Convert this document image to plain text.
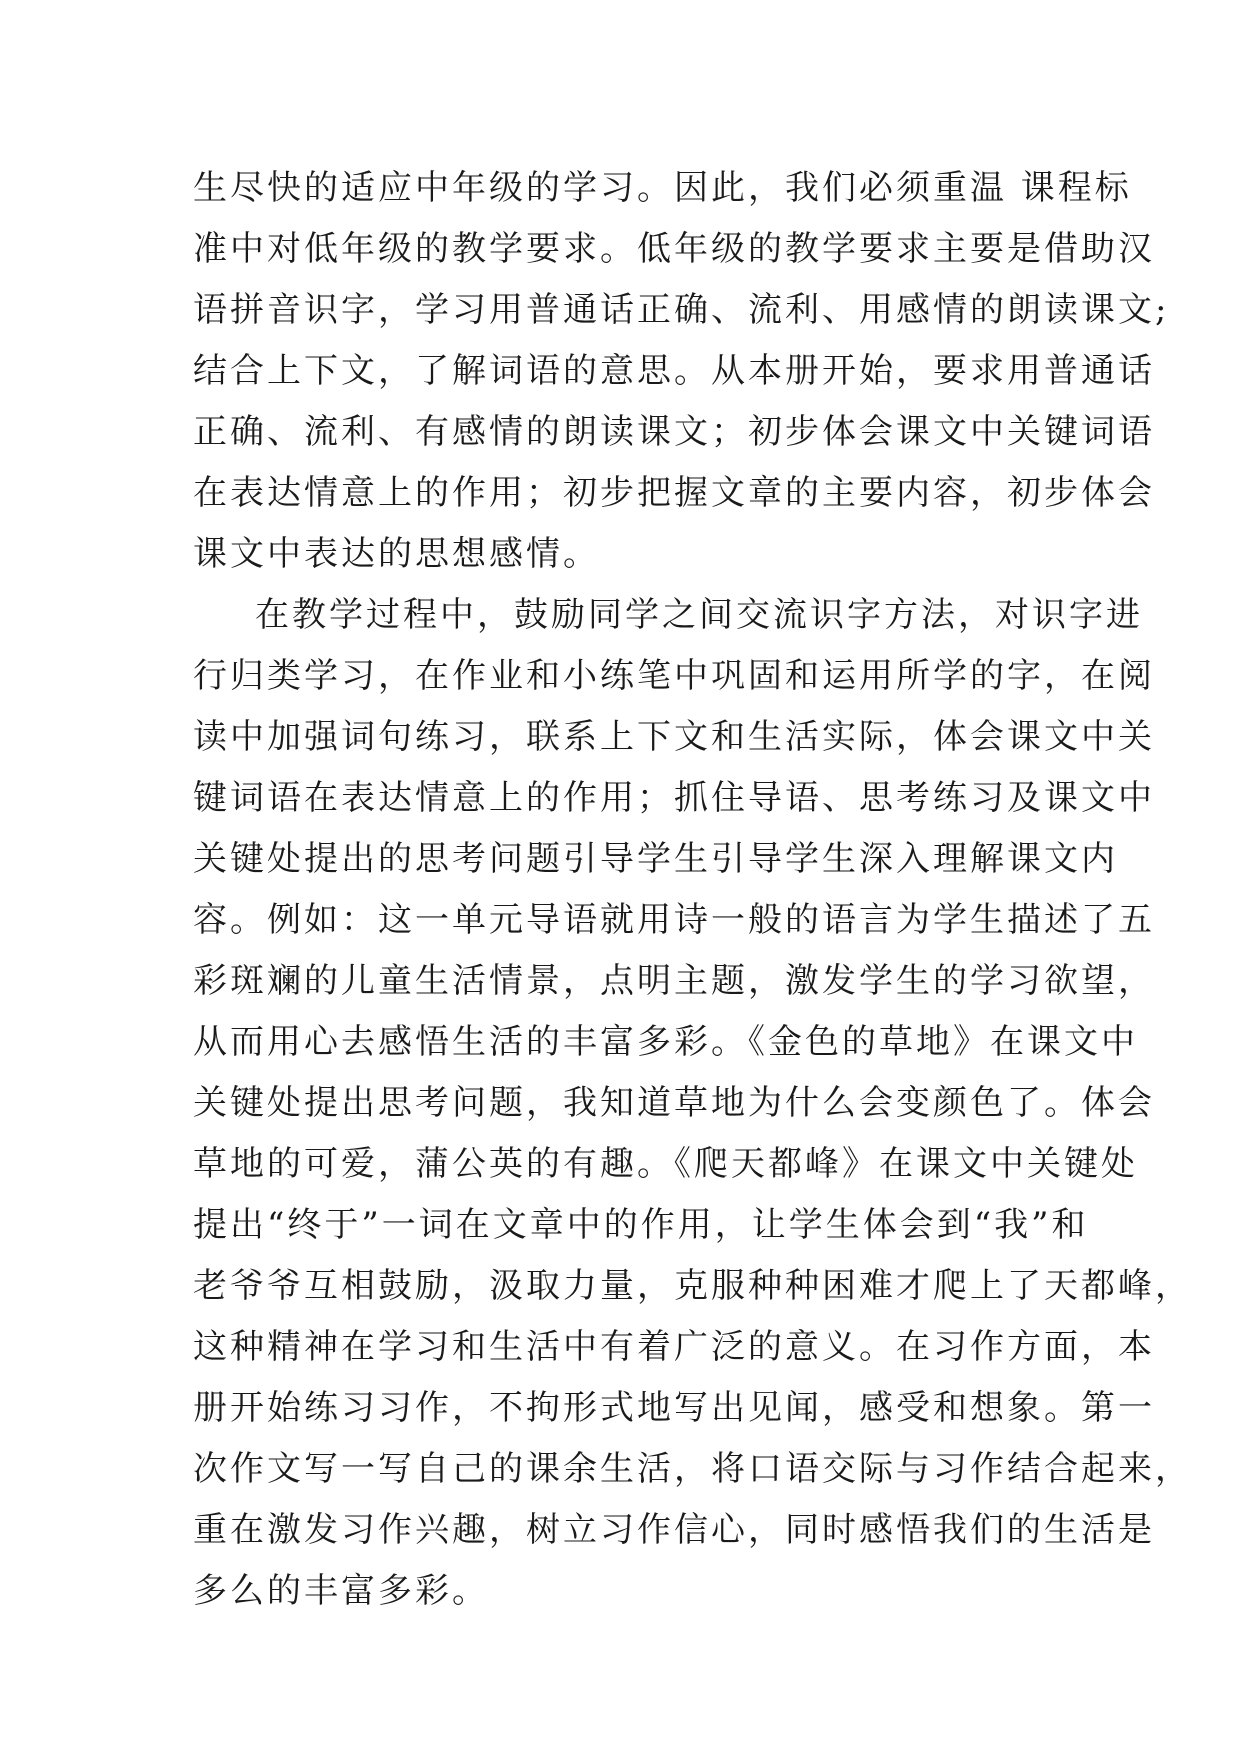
生尽快的适应中年级的学习。因此，我们必须重温 课程标
准中对低年级的教学要求。低年级的教学要求主要是借助汉
语拼音识字，学习用普通话正确、流利、用感情的朗读课文;
结合上下文，了解词语的意思。从本册开始，要求用普通话
正确、流利、有感情的朗读课文；初步体会课文中关键词语
在表达情意上的作用；初步把握文章的主要内容，初步体会
课文中表达的思想感情。
在教学过程中，鼓励同学之间交流识字方法，对识字进
行归类学习，在作业和小练笔中巩固和运用所学的字，在阅
读中加强词句练习，联系上下文和生活实际，体会课文中关
键词语在表达情意上的作用；抓住导语、思考练习及课文中
关键处提出的思考问题引导学生引导学生深入理解课文内
容。例如：这一单元导语就用诗一般的语言为学生描述了五
彩斑斓的儿童生活情景，点明主题，激发学生的学习欲望，
从而用心去感悟生活的丰富多彩。《金色的草地》在课文中
关键处提出思考问题，我知道草地为什么会变颜色了。体会
草地的可爱，蒲公英的有趣。《爬天都峰》在课文中关键处
提出“终于”一词在文章中的作用，让学生体会到“我”和
老爷爷互相鼓励，汲取力量，克服种种困难才爬上了天都峰，
这种精神在学习和生活中有着广泛的意义。在习作方面，本
册开始练习习作，不拘形式地写出见闻，感受和想象。第一
次作文写一写自己的课余生活，将口语交际与习作结合起来，
重在激发习作兴趣，树立习作信心，同时感悟我们的生活是
多么的丰富多彩。
